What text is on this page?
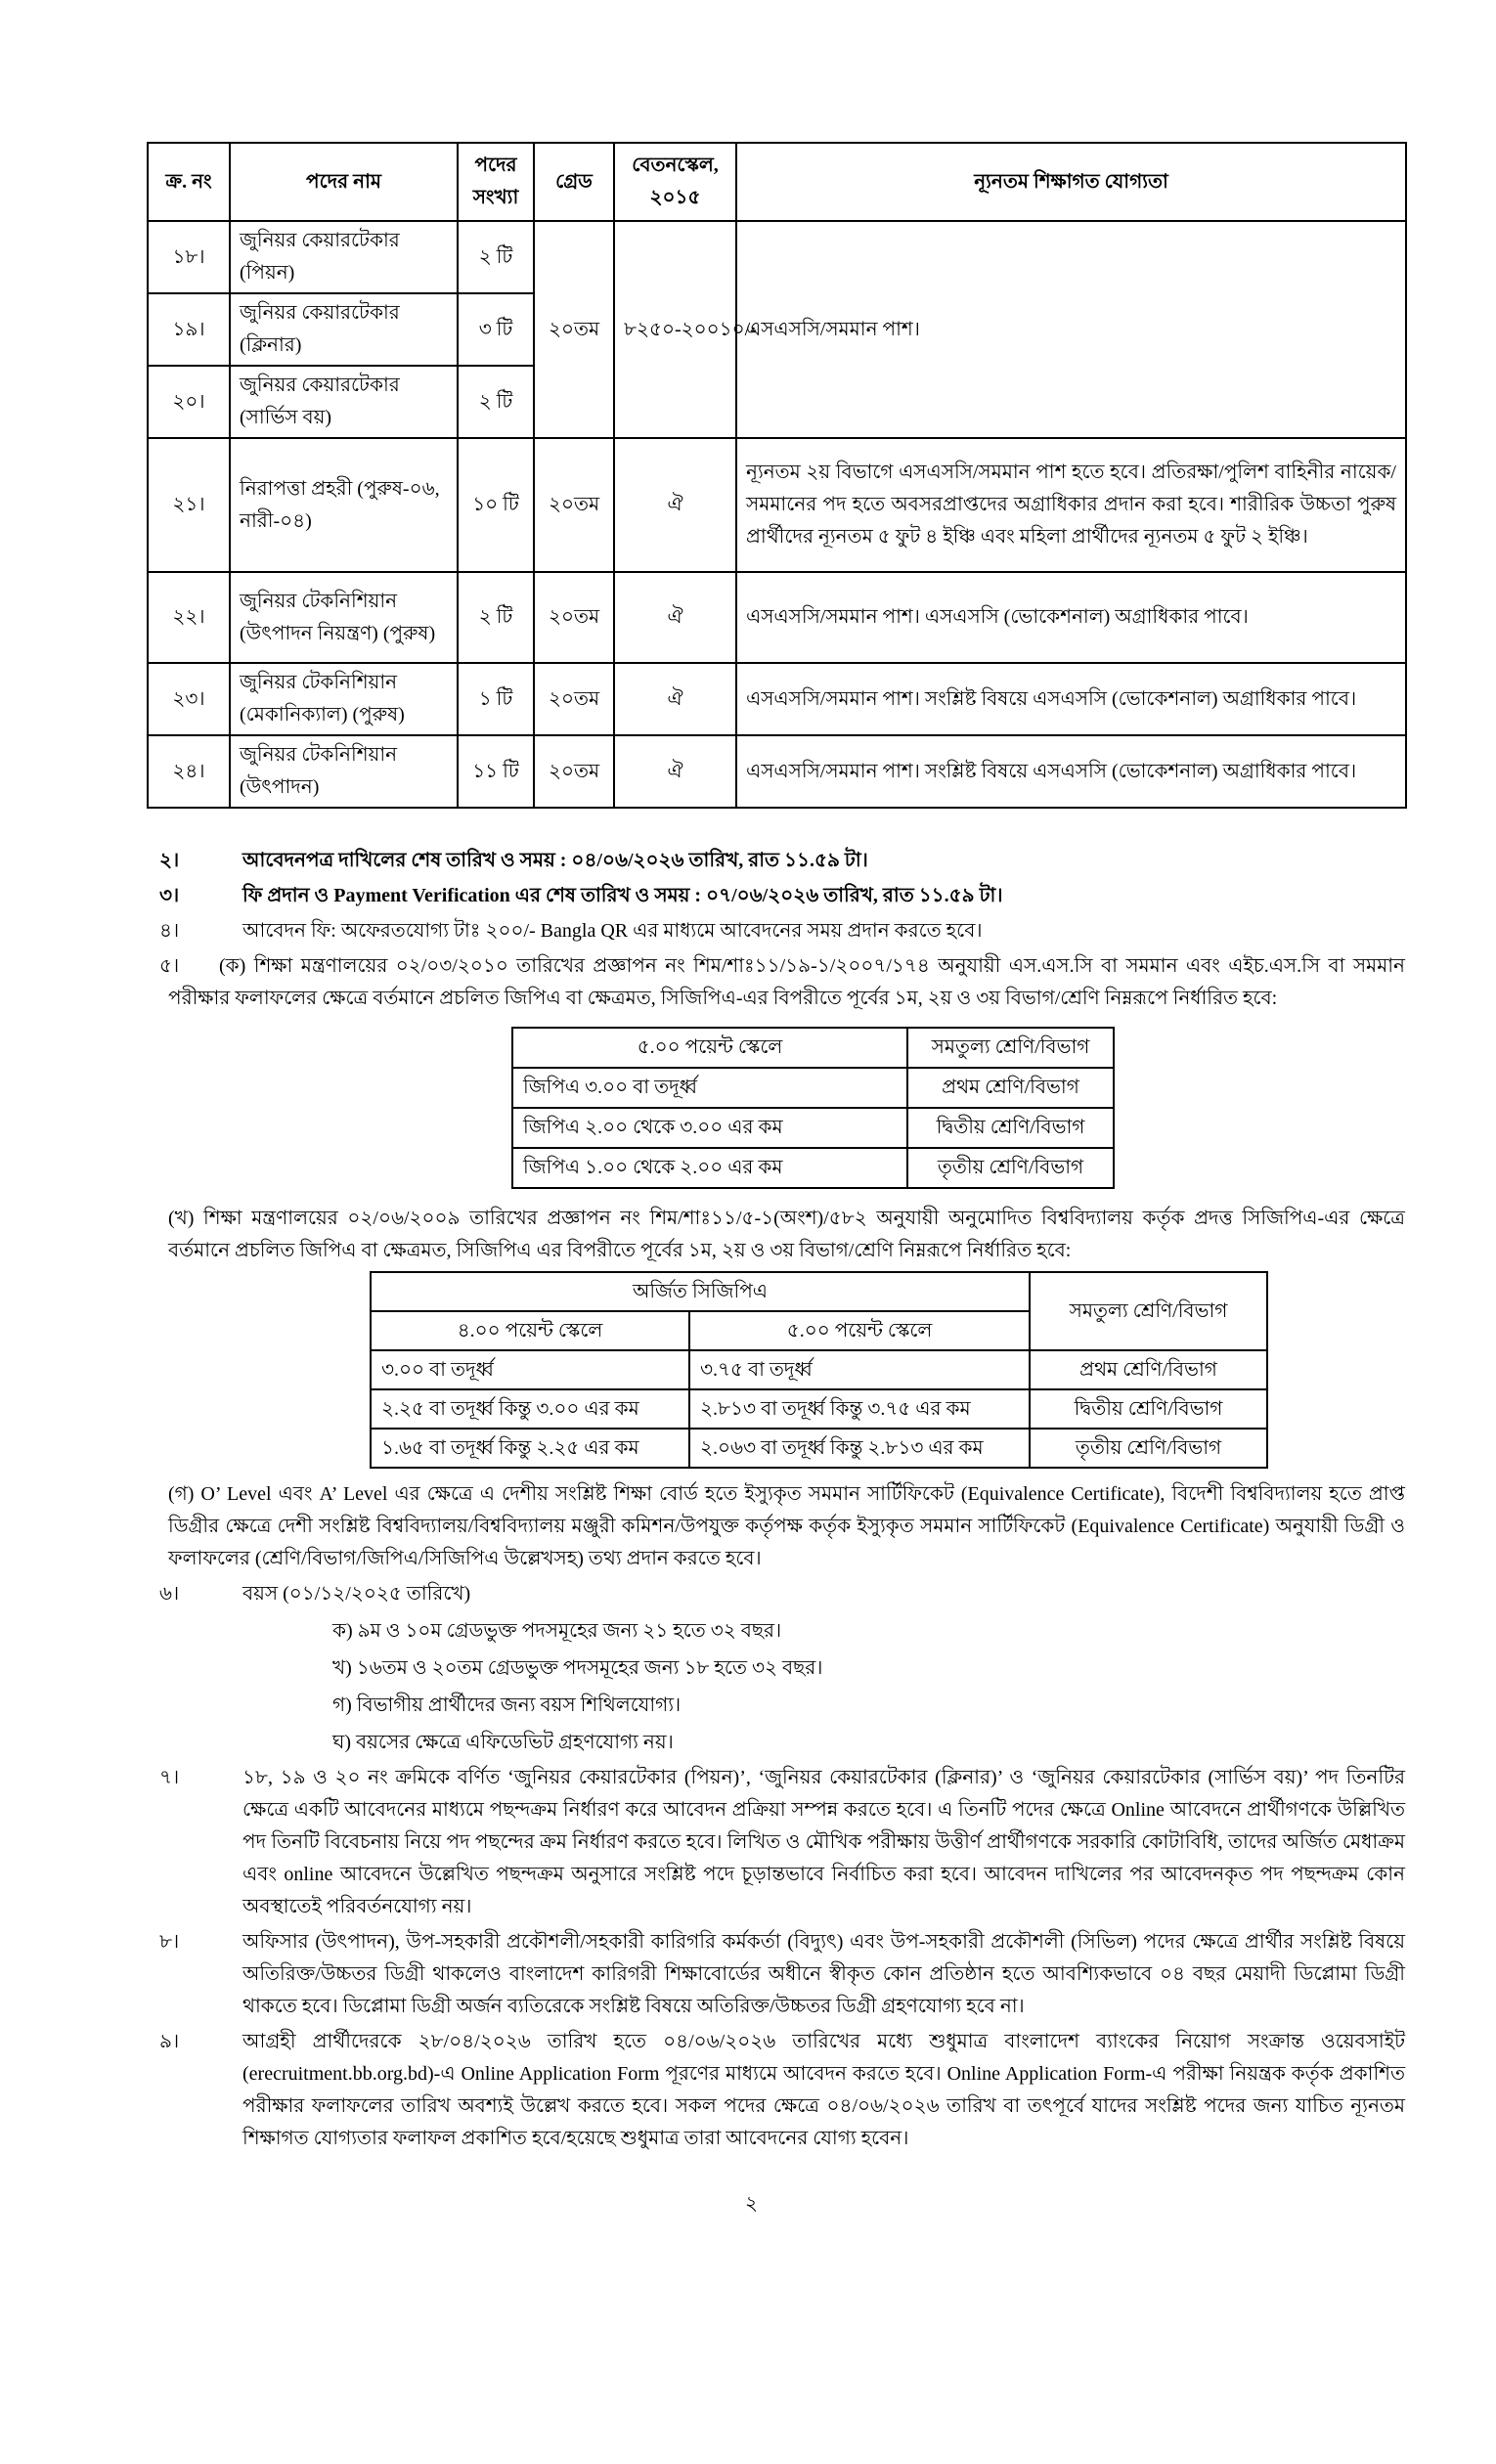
ক্র. নং	পদের নাম	পদের সংখ্যা	গ্রেড	বেতনস্কেল, ২০১৫	ন্যূনতম শিক্ষাগত যোগ্যতা
১৮।	জুনিয়র কেয়ারটেকার (পিয়ন)	২ টি	২০তম	৮২৫০-২০০১০/-	এসএসসি/সমমান পাশ।
১৯।	জুনিয়র কেয়ারটেকার (ক্লিনার)	৩ টি			
২০।	জুনিয়র কেয়ারটেকার (সার্ভিস বয়)	২ টি			
২১।	নিরাপত্তা প্রহরী (পুরুষ-০৬, নারী-০৪)	১০ টি	২০তম	ঐ	ন্যূনতম ২য় বিভাগে এসএসসি/সমমান পাশ হতে হবে। প্রতিরক্ষা/পুলিশ বাহিনীর নায়েক/সমমানের পদ হতে অবসরপ্রাপ্তদের অগ্রাধিকার প্রদান করা হবে। শারীরিক উচ্চতা পুরুষ প্রার্থীদের ন্যূনতম ৫ ফুট ৪ ইঞ্চি এবং মহিলা প্রার্থীদের ন্যূনতম ৫ ফুট ২ ইঞ্চি।
২২।	জুনিয়র টেকনিশিয়ান (উৎপাদন নিয়ন্ত্রণ) (পুরুষ)	২ টি	২০তম	ঐ	এসএসসি/সমমান পাশ। এসএসসি (ভোকেশনাল) অগ্রাধিকার পাবে।
২৩।	জুনিয়র টেকনিশিয়ান (মেকানিক্যাল) (পুরুষ)	১ টি	২০তম	ঐ	এসএসসি/সমমান পাশ। সংশ্লিষ্ট বিষয়ে এসএসসি (ভোকেশনাল) অগ্রাধিকার পাবে।
২৪।	জুনিয়র টেকনিশিয়ান (উৎপাদন)	১১ টি	২০তম	ঐ	এসএসসি/সমমান পাশ। সংশ্লিষ্ট বিষয়ে এসএসসি (ভোকেশনাল) অগ্রাধিকার পাবে।
২।	আবেদনপত্র দাখিলের শেষ তারিখ ও সময় : ০৪/০৬/২০২৬ তারিখ, রাত ১১.৫৯ টা।
৩।	ফি প্রদান ও Payment Verification এর শেষ তারিখ ও সময় : ০৭/০৬/২০২৬ তারিখ, রাত ১১.৫৯ টা।
৪।	আবেদন ফি: অফেরতযোগ্য টাঃ ২০০/- Bangla QR এর মাধ্যমে আবেদনের সময় প্রদান করতে হবে।
৫।	(ক) শিক্ষা মন্ত্রণালয়ের ০২/০৩/২০১০ তারিখের প্রজ্ঞাপন নং শিম/শাঃ১১/১৯-১/২০০৭/১৭৪ অনুযায়ী এস.এস.সি বা সমমান এবং এইচ.এস.সি বা সমমান পরীক্ষার ফলাফলের ক্ষেত্রে বর্তমানে প্রচলিত জিপিএ বা ক্ষেত্রমত, সিজিপিএ-এর বিপরীতে পূর্বের ১ম, ২য় ও ৩য় বিভাগ/শ্রেণি নিম্নরূপে নির্ধারিত হবে:

৫.০০ পয়েন্ট স্কেলে	সমতুল্য শ্রেণি/বিভাগ
জিপিএ ৩.০০ বা তদূর্ধ্ব	প্রথম শ্রেণি/বিভাগ
জিপিএ ২.০০ থেকে ৩.০০ এর কম	দ্বিতীয় শ্রেণি/বিভাগ
জিপিএ ১.০০ থেকে ২.০০ এর কম	তৃতীয় শ্রেণি/বিভাগ

(খ) শিক্ষা মন্ত্রণালয়ের ০২/০৬/২০০৯ তারিখের প্রজ্ঞাপন নং শিম/শাঃ১১/৫-১(অংশ)/৫৮২ অনুযায়ী অনুমোদিত বিশ্ববিদ্যালয় কর্তৃক প্রদত্ত সিজিপিএ-এর ক্ষেত্রে বর্তমানে প্রচলিত জিপিএ বা ক্ষেত্রমত, সিজিপিএ এর বিপরীতে পূর্বের ১ম, ২য় ও ৩য় বিভাগ/শ্রেণি নিম্নরূপে নির্ধারিত হবে:

অর্জিত সিজিপিএ		সমতুল্য শ্রেণি/বিভাগ
৪.০০ পয়েন্ট স্কেলে	৫.০০ পয়েন্ট স্কেলে	
৩.০০ বা তদূর্ধ্ব	৩.৭৫ বা তদূর্ধ্ব	প্রথম শ্রেণি/বিভাগ
২.২৫ বা তদূর্ধ্ব কিন্তু ৩.০০ এর কম	২.৮১৩ বা তদূর্ধ্ব কিন্তু ৩.৭৫ এর কম	দ্বিতীয় শ্রেণি/বিভাগ
১.৬৫ বা তদূর্ধ্ব কিন্তু ২.২৫ এর কম	২.০৬৩ বা তদূর্ধ্ব কিন্তু ২.৮১৩ এর কম	তৃতীয় শ্রেণি/বিভাগ

(গ) O’ Level এবং A’ Level এর ক্ষেত্রে এ দেশীয় সংশ্লিষ্ট শিক্ষা বোর্ড হতে ইস্যুকৃত সমমান সার্টিফিকেট (Equivalence Certificate), বিদেশী বিশ্ববিদ্যালয় হতে প্রাপ্ত ডিগ্রীর ক্ষেত্রে দেশী সংশ্লিষ্ট বিশ্ববিদ্যালয়/বিশ্ববিদ্যালয় মঞ্জুরী কমিশন/উপযুক্ত কর্তৃপক্ষ কর্তৃক ইস্যুকৃত সমমান সার্টিফিকেট (Equivalence Certificate) অনুযায়ী ডিগ্রী ও ফলাফলের (শ্রেণি/বিভাগ/জিপিএ/সিজিপিএ উল্লেখসহ) তথ্য প্রদান করতে হবে।

৬।	বয়স (০১/১২/২০২৫ তারিখে)
ক) ৯ম ও ১০ম গ্রেডভুক্ত পদসমূহের জন্য ২১ হতে ৩২ বছর।
খ) ১৬তম ও ২০তম গ্রেডভুক্ত পদসমূহের জন্য ১৮ হতে ৩২ বছর।
গ) বিভাগীয় প্রার্থীদের জন্য বয়স শিথিলযোগ্য।
ঘ) বয়সের ক্ষেত্রে এফিডেভিট গ্রহণযোগ্য নয়।
৭।	১৮, ১৯ ও ২০ নং ক্রমিকে বর্ণিত ‘জুনিয়র কেয়ারটেকার (পিয়ন)’, ‘জুনিয়র কেয়ারটেকার (ক্লিনার)’ ও ‘জুনিয়র কেয়ারটেকার (সার্ভিস বয়)’ পদ তিনটির ক্ষেত্রে একটি আবেদনের মাধ্যমে পছন্দক্রম নির্ধারণ করে আবেদন প্রক্রিয়া সম্পন্ন করতে হবে। এ তিনটি পদের ক্ষেত্রে Online আবেদনে প্রার্থীগণকে উল্লিখিত পদ তিনটি বিবেচনায় নিয়ে পদ পছন্দের ক্রম নির্ধারণ করতে হবে। লিখিত ও মৌখিক পরীক্ষায় উত্তীর্ণ প্রার্থীগণকে সরকারি কোটাবিধি, তাদের অর্জিত মেধাক্রম এবং online আবেদনে উল্লেখিত পছন্দক্রম অনুসারে সংশ্লিষ্ট পদে চূড়ান্তভাবে নির্বাচিত করা হবে। আবেদন দাখিলের পর আবেদনকৃত পদ পছন্দক্রম কোন অবস্থাতেই পরিবর্তনযোগ্য নয়।
৮।	অফিসার (উৎপাদন), উপ-সহকারী প্রকৌশলী/সহকারী কারিগরি কর্মকর্তা (বিদ্যুৎ) এবং উপ-সহকারী প্রকৌশলী (সিভিল) পদের ক্ষেত্রে প্রার্থীর সংশ্লিষ্ট বিষয়ে অতিরিক্ত/উচ্চতর ডিগ্রী থাকলেও বাংলাদেশ কারিগরী শিক্ষাবোর্ডের অধীনে স্বীকৃত কোন প্রতিষ্ঠান হতে আবশ্যিকভাবে ০৪ বছর মেয়াদী ডিপ্লোমা ডিগ্রী থাকতে হবে। ডিপ্লোমা ডিগ্রী অর্জন ব্যতিরেকে সংশ্লিষ্ট বিষয়ে অতিরিক্ত/উচ্চতর ডিগ্রী গ্রহণযোগ্য হবে না।
৯।	আগ্রহী প্রার্থীদেরকে ২৮/০৪/২০২৬ তারিখ হতে ০৪/০৬/২০২৬ তারিখের মধ্যে শুধুমাত্র বাংলাদেশ ব্যাংকের নিয়োগ সংক্রান্ত ওয়েবসাইট (erecruitment.bb.org.bd)-এ Online Application Form পূরণের মাধ্যমে আবেদন করতে হবে। Online Application Form-এ পরীক্ষা নিয়ন্ত্রক কর্তৃক প্রকাশিত পরীক্ষার ফলাফলের তারিখ অবশ্যই উল্লেখ করতে হবে। সকল পদের ক্ষেত্রে ০৪/০৬/২০২৬ তারিখ বা তৎপূর্বে যাদের সংশ্লিষ্ট পদের জন্য যাচিত ন্যূনতম শিক্ষাগত যোগ্যতার ফলাফল প্রকাশিত হবে/হয়েছে শুধুমাত্র তারা আবেদনের যোগ্য হবেন।
২
